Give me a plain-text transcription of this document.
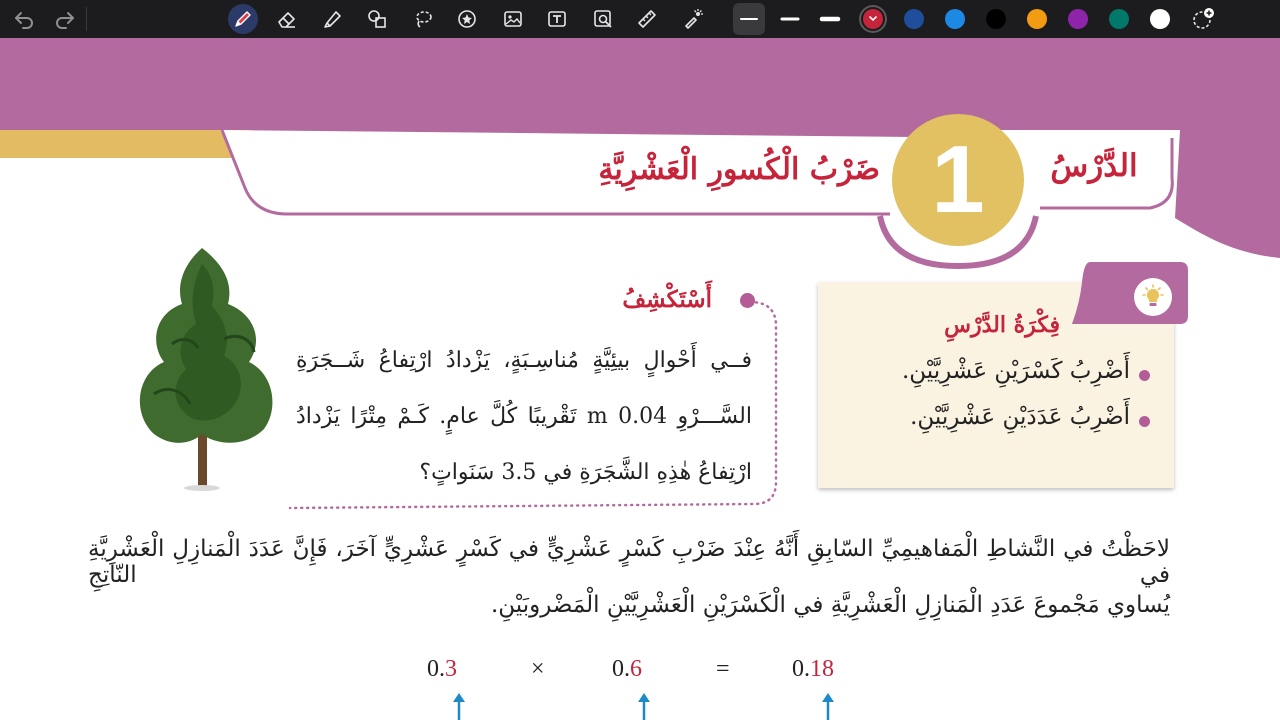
الدَّرْسُ
1
ضَرْبُ الْكُسورِ الْعَشْرِيَّةِ
أَسْتَكْشِفُ
فــي أَحْوالٍ بيئِيَّةٍ مُناسِـبَةٍ، يَزْدادُ ارْتِفاعُ شَــجَرَةِ
السَّـــرْوِ 0.04 m تَقْريبًا كُلَّ عامٍ. كَـمْ مِتْرًا يَزْدادُ
ارْتِفاعُ هٰذِهِ الشَّجَرَةِ في 3.5 سَنَواتٍ؟
فِكْرَةُ الدَّرْسِ
أَضْرِبُ كَسْرَيْنِ عَشْرِيَّيْنِ.
أَضْرِبُ عَدَدَيْنِ عَشْرِيَّيْنِ.
لاحَظْتُ في النَّشاطِ الْمَفاهيمِيِّ السّابِقِ أَنَّهُ عِنْدَ ضَرْبِ كَسْرٍ عَشْرِيٍّ في كَسْرٍ عَشْرِيٍّ آخَرَ، فَإِنَّ عَدَدَ الْمَنازِلِ الْعَشْرِيَّةِ في النّاتِجِ
يُساوي مَجْموعَ عَدَدِ الْمَنازِلِ الْعَشْرِيَّةِ في الْكَسْرَيْنِ الْعَشْرِيَّيْنِ الْمَضْروبَيْنِ.
0.3	×	0.6	=	0.18
